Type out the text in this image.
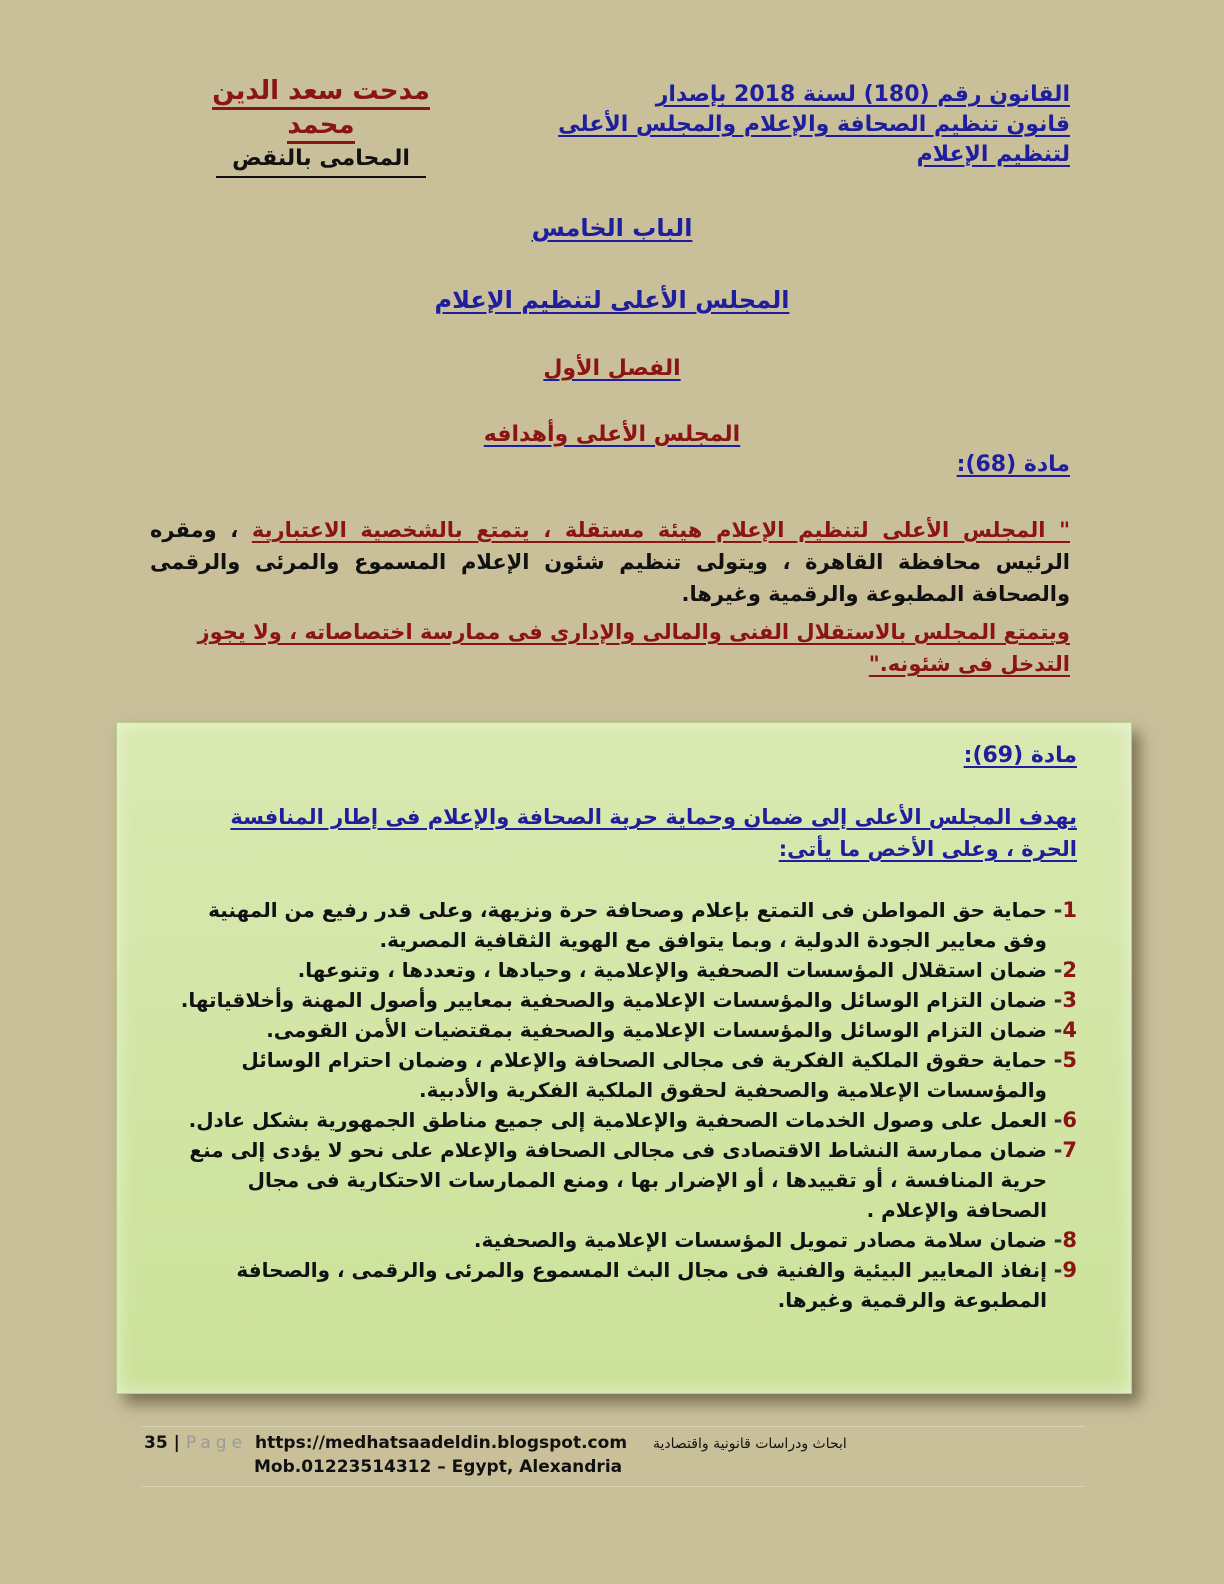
القانون رقم (180) لسنة 2018 بإصدار
قانون تنظيم الصحافة والإعلام والمجلس الأعلى لتنظيم الإعلام
مدحت سعد الدين محمد
المحامى بالنقض
الباب الخامس
المجلس الأعلى لتنظيم الإعلام
الفصل الأول
المجلس الأعلى وأهدافه
مادة (68):
" المجلس الأعلى لتنظيم الإعلام هيئة مستقلة ، يتمتع بالشخصية الاعتبارية ، ومقره الرئيس محافظة القاهرة ، ويتولى تنظيم شئون الإعلام المسموع والمرئى والرقمى والصحافة المطبوعة والرقمية وغيرها.
ويتمتع المجلس بالاستقلال الفنى والمالى والإدارى فى ممارسة اختصاصاته ، ولا يجوز التدخل فى شئونه."
مادة (69):
يهدف المجلس الأعلى إلى ضمان وحماية حرية الصحافة والإعلام فى إطار المنافسة الحرة ، وعلى الأخص ما يأتى:
1-
حماية حق المواطن فى التمتع بإعلام وصحافة حرة ونزيهة، وعلى قدر رفيع من المهنية وفق معايير الجودة الدولية ، وبما يتوافق مع الهوية الثقافية المصرية.
2-
ضمان استقلال المؤسسات الصحفية والإعلامية ، وحيادها ، وتعددها ، وتنوعها.
3-
ضمان التزام الوسائل والمؤسسات الإعلامية والصحفية بمعايير وأصول المهنة وأخلاقياتها.
4-
ضمان التزام الوسائل والمؤسسات الإعلامية والصحفية بمقتضيات الأمن القومى.
5-
حماية حقوق الملكية الفكرية فى مجالى الصحافة والإعلام ، وضمان احترام الوسائل والمؤسسات الإعلامية والصحفية لحقوق الملكية الفكرية والأدبية.
6-
العمل على وصول الخدمات الصحفية والإعلامية إلى جميع مناطق الجمهورية بشكل عادل.
7-
ضمان ممارسة النشاط الاقتصادى فى مجالى الصحافة والإعلام على نحو لا يؤدى إلى منع حرية المنافسة ، أو تقييدها ، أو الإضرار بها ، ومنع الممارسات الاحتكارية فى مجال الصحافة والإعلام .
8-
ضمان سلامة مصادر تمويل المؤسسات الإعلامية والصحفية.
9-
إنفاذ المعايير البيئية والفنية فى مجال البث المسموع والمرئى والرقمى ، والصحافة المطبوعة والرقمية وغيرها.
35 | Page https://medhatsaadeldin.blogspot.com ابحاث ودراسات قانونية واقتصادية
Mob.01223514312 – Egypt, Alexandria
